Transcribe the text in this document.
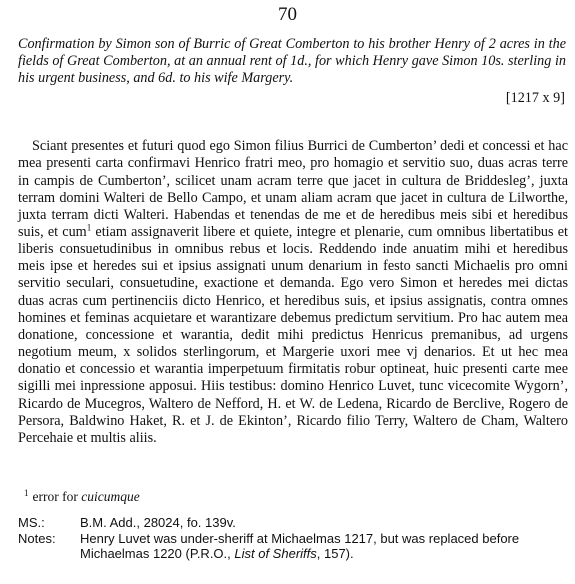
70
Confirmation by Simon son of Burric of Great Comberton to his brother Henry of 2 acres in the fields of Great Comberton, at an annual rent of 1d., for which Henry gave Simon 10s. sterling in his urgent business, and 6d. to his wife Margery.
[1217 x 9]

Sciant presentes et futuri quod ego Simon filius Burrici de Cumberton’ dedi et concessi et hac mea presenti carta confirmavi Henrico fratri meo, pro homagio et servitio suo, duas acras terre in campis de Cumberton’, scilicet unam acram terre que jacet in cultura de Briddesleg’, juxta terram domini Walteri de Bello Campo, et unam aliam acram que jacet in cultura de Lilworthe, juxta terram dicti Walteri. Habendas et tenendas de me et de heredibus meis sibi et heredibus suis, et cum$^1$ etiam assignaverit libere et quiete, integre et plenarie, cum omnibus libertatibus et liberis consuetudinibus in omnibus rebus et locis. Reddendo inde anuatim mihi et heredibus meis ipse et heredes sui et ipsius assignati unum denarium in festo sancti Michaelis pro omni servitio seculari, consuetudine, exactione et demanda. Ego vero Simon et heredes mei dictas duas acras cum pertinenciis dicto Henrico, et heredibus suis, et ipsius assignatis, contra omnes homines et feminas acquietare et warantizare debemus predictum servitium. Pro hac autem mea donatione, concessione et warantia, dedit mihi predictus Henricus premanibus, ad urgens negotium meum, x solidos sterlingorum, et Margerie uxori mee vj denarios. Et ut hec mea donatio et concessio et warantia imperpetuum firmitatis robur optineat, huic presenti carte mee sigilli mei inpressione apposui. Hiis testibus: domino Henrico Luvet, tunc vicecomite Wygorn’, Ricardo de Mucegros, Waltero de Nefford, H. et W. de Ledena, Ricardo de Berclive, Rogero de Persora, Baldwino Haket, R. et J. de Ekinton’, Ricardo filio Terry, Waltero de Cham, Waltero Percehaie et multis aliis.

$^1$ error for cuicumque
MS.:	B.M. Add., 28024, fo. 139v.
Notes:	Henry Luvet was under-sheriff at Michaelmas 1217, but was replaced before Michaelmas 1220 (P.R.O., List of Sheriffs, 157).
